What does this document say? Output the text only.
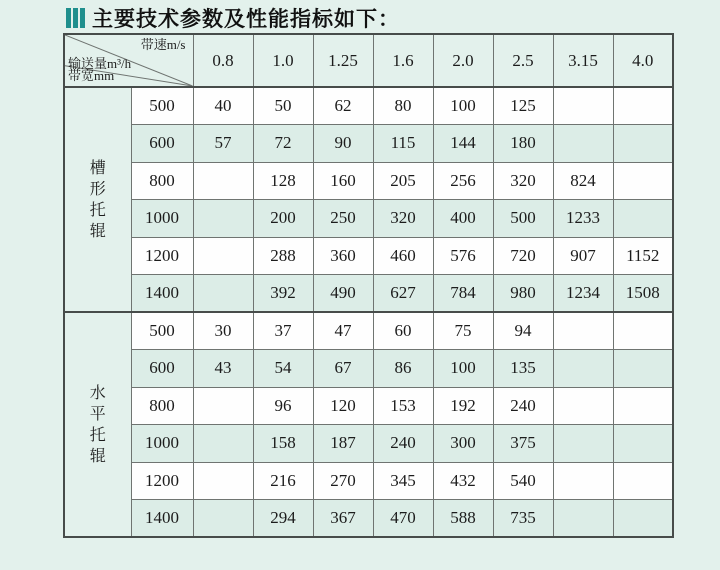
主要技术参数及性能指标如下：
带速m/s
输送量m³/h
带宽mm		0.8	1.0	1.25	1.6	2.0	2.5	3.15	4.0

槽
形
托
辊	500	40	50	62	80	100	125		
	600	57	72	90	115	144	180		
	800		128	160	205	256	320	824	
	1000		200	250	320	400	500	1233	
	1200		288	360	460	576	720	907	1152
	1400		392	490	627	784	980	1234	1508

水
平
托
辊	500	30	37	47	60	75	94		
	600	43	54	67	86	100	135		
	800		96	120	153	192	240		
	1000		158	187	240	300	375		
	1200		216	270	345	432	540		
	1400		294	367	470	588	735		
